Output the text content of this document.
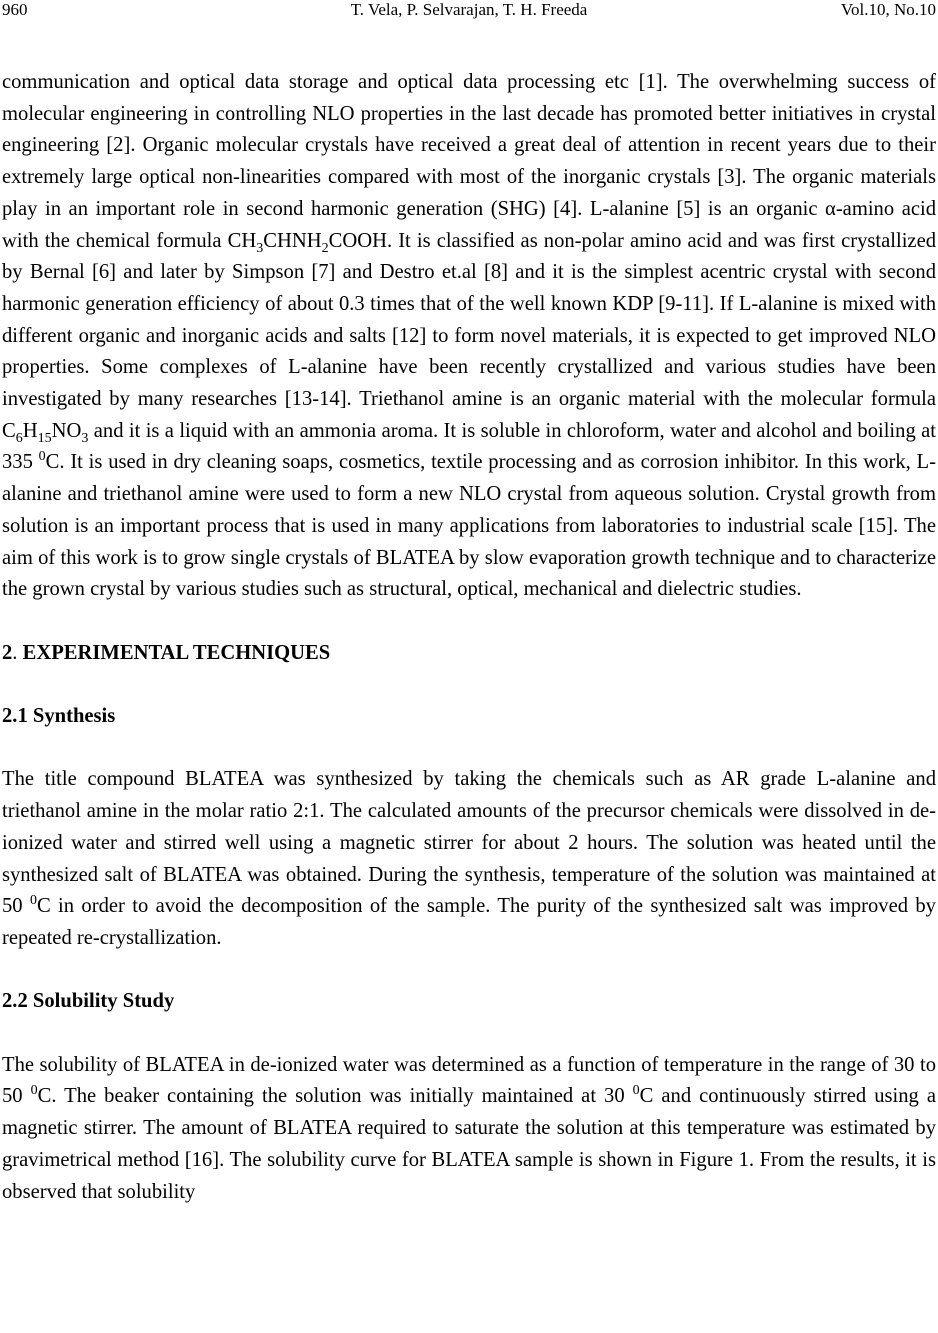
960	T. Vela, P. Selvarajan, T. H. Freeda	Vol.10, No.10

communication and optical data storage and optical data processing etc [1]. The overwhelming success of molecular engineering in controlling NLO properties in the last decade has promoted better initiatives in crystal engineering [2]. Organic molecular crystals have received a great deal of attention in recent years due to their extremely large optical non-linearities compared with most of the inorganic crystals [3]. The organic materials play in an important role in second harmonic generation (SHG) [4]. L-alanine [5] is an organic α-amino acid with the chemical formula $CH_3CHNH_2COOH$. It is classified as non-polar amino acid and was first crystallized by Bernal [6] and later by Simpson [7] and Destro et.al [8] and it is the simplest acentric crystal with second harmonic generation efficiency of about 0.3 times that of the well known KDP [9-11]. If L-alanine is mixed with different organic and inorganic acids and salts [12] to form novel materials, it is expected to get improved NLO properties. Some complexes of L-alanine have been recently crystallized and various studies have been investigated by many researches [13-14]. Triethanol amine is an organic material with the molecular formula $C_6H_{15}NO_3$ and it is a liquid with an ammonia aroma. It is soluble in chloroform, water and alcohol and boiling at 335 $^0$C. It is used in dry cleaning soaps, cosmetics, textile processing and as corrosion inhibitor. In this work, L-alanine and triethanol amine were used to form a new NLO crystal from aqueous solution. Crystal growth from solution is an important process that is used in many applications from laboratories to industrial scale [15]. The aim of this work is to grow single crystals of BLATEA by slow evaporation growth technique and to characterize the grown crystal by various studies such as structural, optical, mechanical and dielectric studies.

2. EXPERIMENTAL TECHNIQUES

2.1 Synthesis

The title compound BLATEA was synthesized by taking the chemicals such as AR grade L-alanine and triethanol amine in the molar ratio 2:1. The calculated amounts of the precursor chemicals were dissolved in de-ionized water and stirred well using a magnetic stirrer for about 2 hours. The solution was heated until the synthesized salt of BLATEA was obtained. During the synthesis, temperature of the solution was maintained at 50 $^0$C in order to avoid the decomposition of the sample. The purity of the synthesized salt was improved by repeated re-crystallization.

2.2 Solubility Study

The solubility of BLATEA in de-ionized water was determined as a function of temperature in the range of 30 to 50 $^0$C. The beaker containing the solution was initially maintained at 30 $^0$C and continuously stirred using a magnetic stirrer. The amount of BLATEA required to saturate the solution at this temperature was estimated by gravimetrical method [16]. The solubility curve for BLATEA sample is shown in Figure 1. From the results, it is observed that solubility
